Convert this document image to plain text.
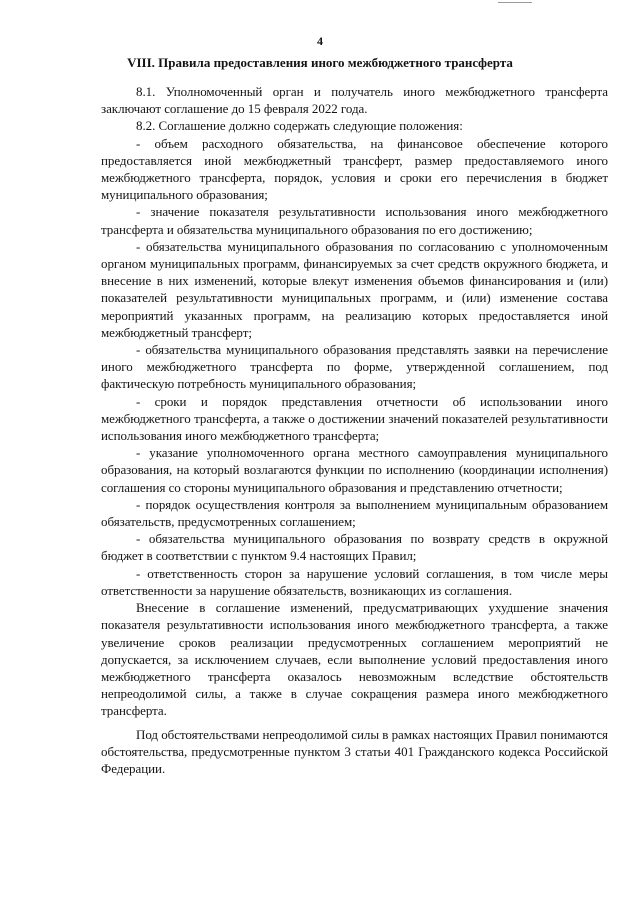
4
VIII. Правила предоставления иного межбюджетного трансферта

8.1. Уполномоченный орган и получатель иного межбюджетного трансферта заключают соглашение до 15 февраля 2022 года.

8.2. Соглашение должно содержать следующие положения:

- объем расходного обязательства, на финансовое обеспечение которого предоставляется иной межбюджетный трансферт, размер предоставляемого иного межбюджетного трансферта, порядок, условия и сроки его перечисления в бюджет муниципального образования;

- значение показателя результативности использования иного межбюджетного трансферта и обязательства муниципального образования по его достижению;

- обязательства муниципального образования по согласованию с уполномоченным органом муниципальных программ, финансируемых за счет средств окружного бюджета, и внесение в них изменений, которые влекут изменения объемов финансирования и (или) показателей результативности муниципальных программ, и (или) изменение состава мероприятий указанных программ, на реализацию которых предоставляется иной межбюджетный трансферт;

- обязательства муниципального образования представлять заявки на перечисление иного межбюджетного трансферта по форме, утвержденной соглашением, под фактическую потребность муниципального образования;

- сроки и порядок представления отчетности об использовании иного межбюджетного трансферта, а также о достижении значений показателей результативности использования иного межбюджетного трансферта;

- указание уполномоченного органа местного самоуправления муниципального образования, на который возлагаются функции по исполнению (координации исполнения) соглашения со стороны муниципального образования и представлению отчетности;

- порядок осуществления контроля за выполнением муниципальным образованием обязательств, предусмотренных соглашением;

- обязательства муниципального образования по возврату средств в окружной бюджет в соответствии с пунктом 9.4 настоящих Правил;

- ответственность сторон за нарушение условий соглашения, в том числе меры ответственности за нарушение обязательств, возникающих из соглашения.

Внесение в соглашение изменений, предусматривающих ухудшение значения показателя результативности использования иного межбюджетного трансферта, а также увеличение сроков реализации предусмотренных соглашением мероприятий не допускается, за исключением случаев, если выполнение условий предоставления иного межбюджетного трансферта оказалось невозможным вследствие обстоятельств непреодолимой силы, а также в случае сокращения размера иного межбюджетного трансферта.

Под обстоятельствами непреодолимой силы в рамках настоящих Правил понимаются обстоятельства, предусмотренные пунктом 3 статьи 401 Гражданского кодекса Российской Федерации.
